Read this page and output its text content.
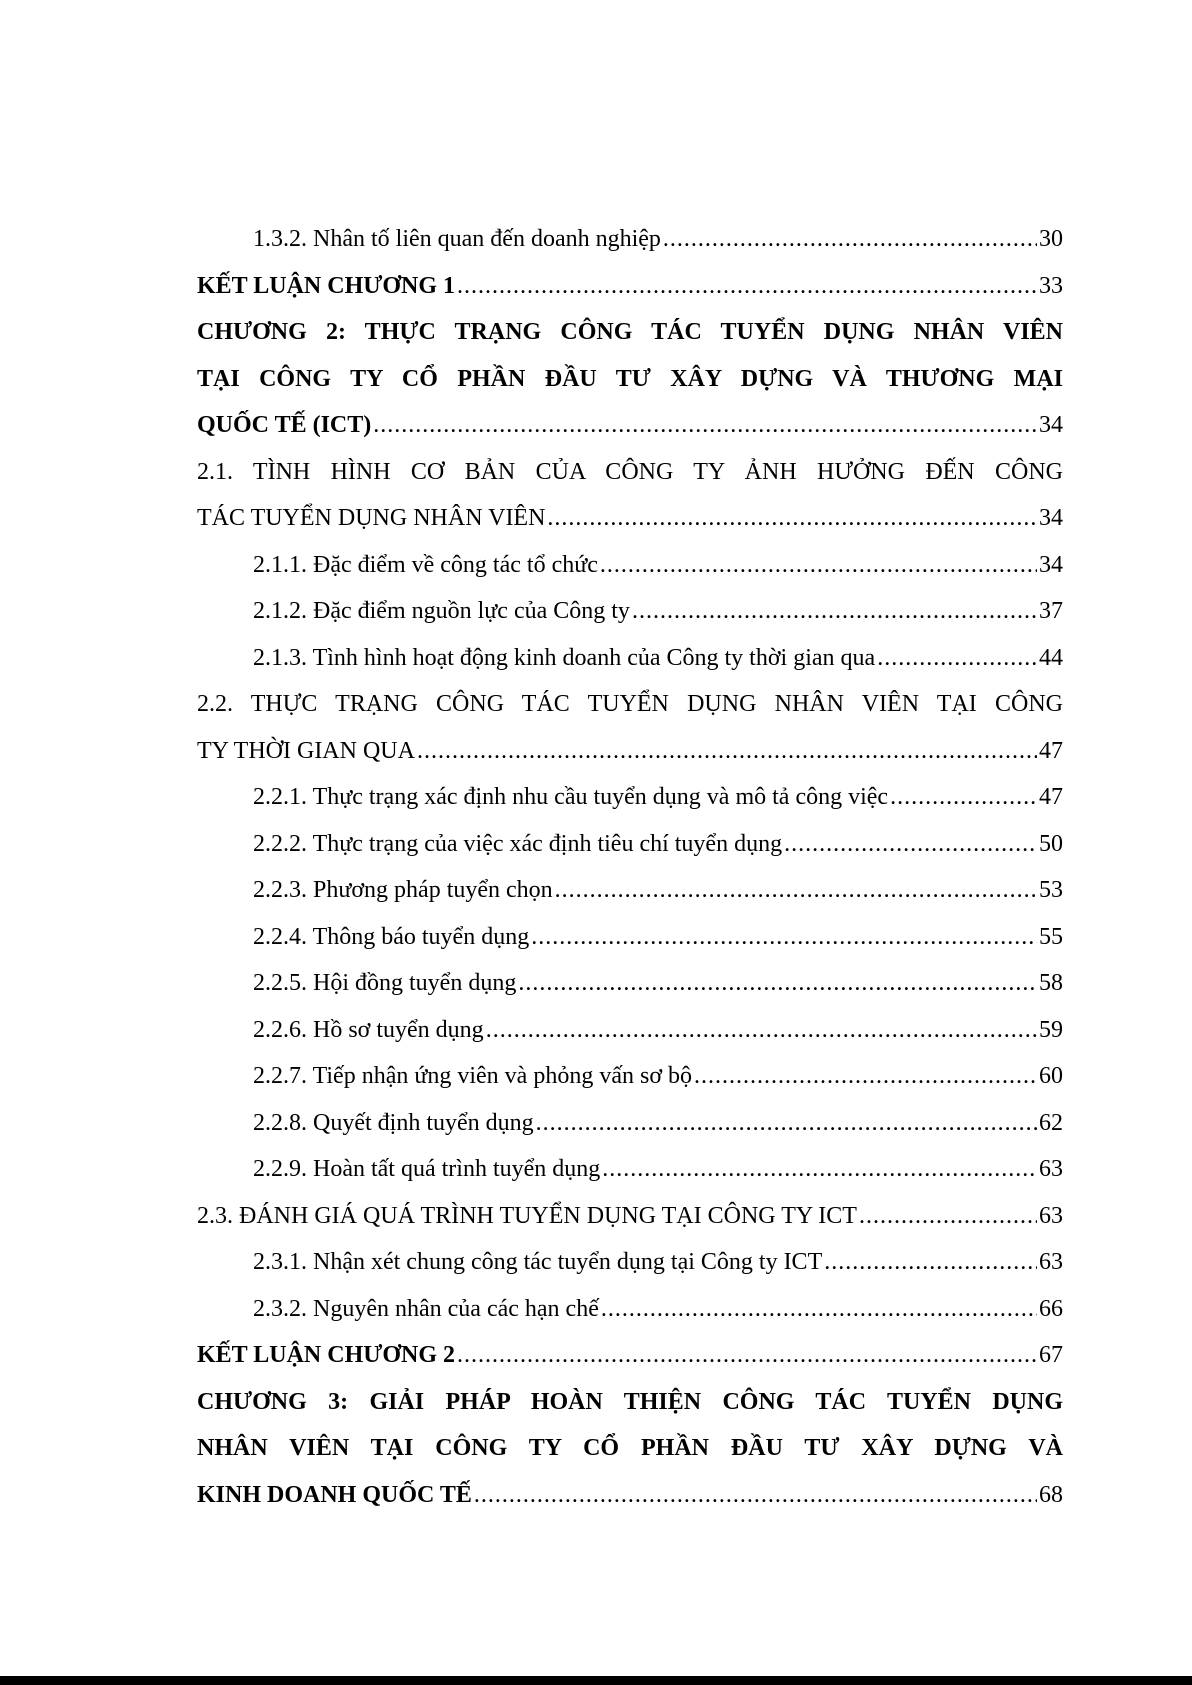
1.3.2. Nhân tố liên quan đến doanh nghiệp .....	30
KẾT LUẬN CHƯƠNG 1 .....	33
CHƯƠNG 2: THỰC TRẠNG CÔNG TÁC TUYỂN DỤNG NHÂN VIÊN
TẠI CÔNG TY CỔ PHẦN ĐẦU TƯ XÂY DỰNG VÀ THƯƠNG MẠI
QUỐC TẾ (ICT) .....	34
2.1. TÌNH HÌNH CƠ BẢN CỦA CÔNG TY ẢNH HƯỞNG ĐẾN CÔNG
TÁC TUYỂN DỤNG NHÂN VIÊN .....	34
2.1.1. Đặc điểm về công tác tổ chức .....	34
2.1.2. Đặc điểm nguồn lực của Công ty .....	37
2.1.3. Tình hình hoạt động kinh doanh của Công ty thời gian qua .....	44
2.2. THỰC TRẠNG CÔNG TÁC TUYỂN DỤNG NHÂN VIÊN TẠI CÔNG
TY THỜI GIAN QUA .....	47
2.2.1. Thực trạng xác định nhu cầu tuyển dụng và mô tả công việc .....	47
2.2.2. Thực trạng của việc xác định tiêu chí tuyển dụng .....	50
2.2.3. Phương pháp tuyển chọn .....	53
2.2.4. Thông báo tuyển dụng .....	55
2.2.5. Hội đồng tuyển dụng .....	58
2.2.6. Hồ sơ tuyển dụng .....	59
2.2.7. Tiếp nhận ứng viên và phỏng vấn sơ bộ .....	60
2.2.8. Quyết định tuyển dụng .....	62
2.2.9. Hoàn tất quá trình tuyển dụng .....	63
2.3. ĐÁNH GIÁ QUÁ TRÌNH TUYỂN DỤNG TẠI CÔNG TY ICT .....	63
2.3.1. Nhận xét chung công tác tuyển dụng tại Công ty ICT .....	63
2.3.2. Nguyên nhân của các hạn chế .....	66
KẾT LUẬN CHƯƠNG 2 .....	67
CHƯƠNG 3: GIẢI PHÁP HOÀN THIỆN CÔNG TÁC TUYỂN DỤNG
NHÂN VIÊN TẠI CÔNG TY CỔ PHẦN ĐẦU TƯ XÂY DỰNG VÀ
KINH DOANH QUỐC TẾ .....	68
